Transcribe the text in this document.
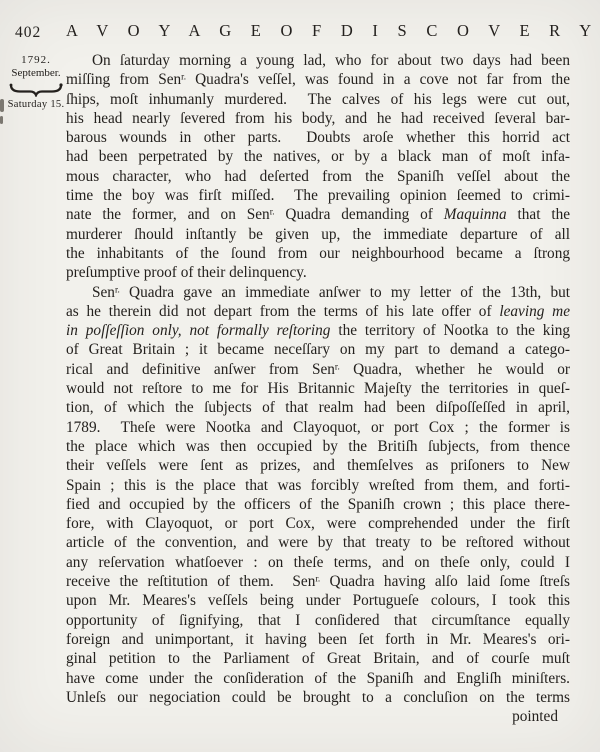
402 A V O Y A G E O F D I S C O V E R Y
1792.
September.
Saturday 15.
On ſaturday morning a young lad, who for about two days had been
miſſing from Sen$^{r.}$ Quadra's veſſel, was found in a cove not far from the
ſhips, moſt inhumanly murdered.  The calves of his legs were cut out,
his head nearly ſevered from his body, and he had received ſeveral bar-
barous wounds in other parts.  Doubts aroſe whether this horrid act
had been perpetrated by the natives, or by a black man of moſt infa-
mous character, who had deſerted from the Spaniſh veſſel about the
time the boy was firſt miſſed.  The prevailing opinion ſeemed to crimi-
nate the former, and on Sen$^{r.}$ Quadra demanding of Maquinna that the
murderer ſhould inſtantly be given up, the immediate departure of all
the inhabitants of the ſound from our neighbourhood became a ſtrong
preſumptive proof of their delinquency.
Sen$^{r.}$ Quadra gave an immediate anſwer to my letter of the 13th, but
as he therein did not depart from the terms of his late offer of leaving me
in poſſeſſion only, not formally reſtoring the territory of Nootka to the king
of Great Britain ; it became neceſſary on my part to demand a catego-
rical and definitive anſwer from Sen$^{r.}$ Quadra, whether he would or
would not reſtore to me for His Britannic Majeſty the territories in queſ-
tion, of which the ſubjects of that realm had been diſpoſſeſſed in april,
1789.  Theſe were Nootka and Clayoquot, or port Cox ; the former is
the place which was then occupied by the Britiſh ſubjects, from thence
their veſſels were ſent as prizes, and themſelves as priſoners to New
Spain ; this is the place that was forcibly wreſted from them, and forti-
fied and occupied by the officers of the Spaniſh crown ; this place there-
fore, with Clayoquot, or port Cox, were comprehended under the firſt
article of the convention, and were by that treaty to be reſtored without
any reſervation whatſoever : on theſe terms, and on theſe only, could I
receive the reſtitution of them.  Sen$^{r.}$ Quadra having alſo laid ſome ſtreſs
upon Mr. Meares's veſſels being under Portugueſe colours, I took this
opportunity of ſignifying, that I conſidered that circumſtance equally
foreign and unimportant, it having been ſet forth in Mr. Meares's ori-
ginal petition to the Parliament of Great Britain, and of courſe muſt
have come under the conſideration of the Spaniſh and Engliſh miniſters.
Unleſs our negociation could be brought to a concluſion on the terms
pointed
